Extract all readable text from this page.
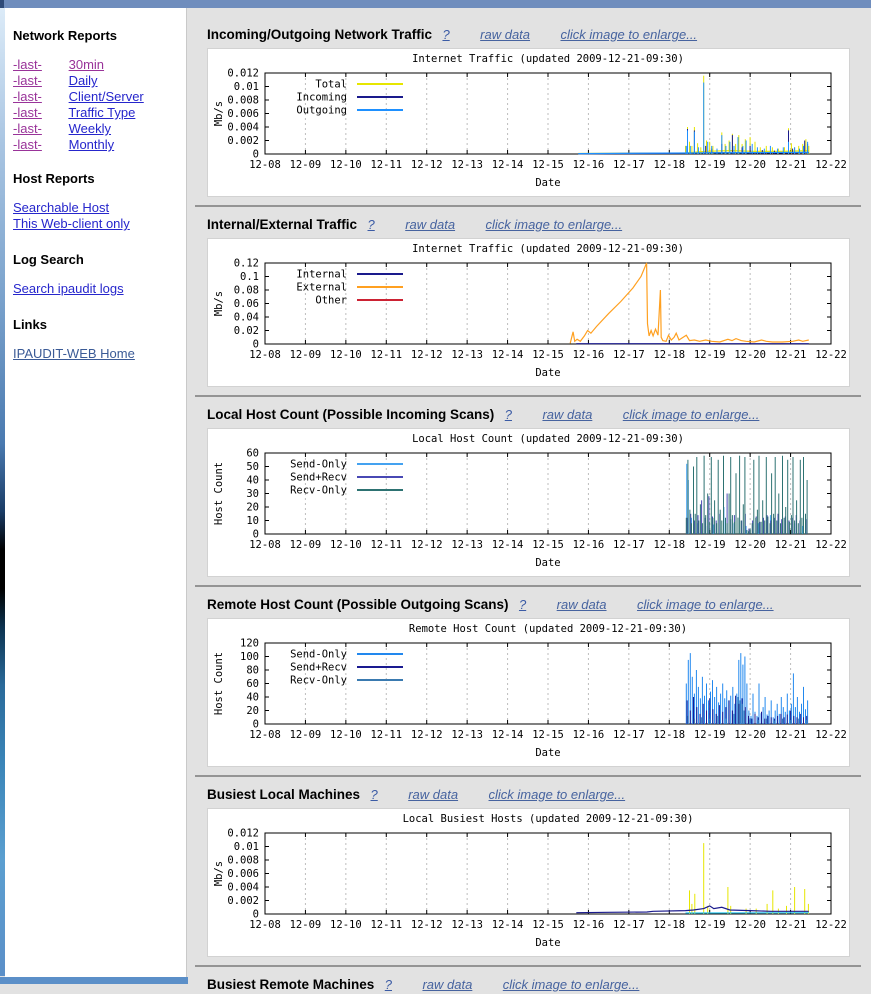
Network Reports
-last- 30min
-last- Daily
-last- Client/Server
-last- Traffic Type
-last- Weekly
-last- Monthly
Host Reports
Searchable Host
This Web-client only
Log Search
Search ipaudit logs
Links
IPAUDIT-WEB Home
Incoming/Outgoing Network Traffic ? raw data click image to enlarge...
Internet Traffic (updated 2009-12-21-09:30)
12-08 12-09 12-10 12-11 12-12 12-13 12-14 12-15 12-16 12-17 12-18 12-19 12-20 12-21 12-22
0
0.002
0.004
0.006
0.008
0.01
0.012
Date
Mb/s
Total
Incoming
Outgoing
Internal/External Traffic ? raw data click image to enlarge...
Internet Traffic (updated 2009-12-21-09:30)
12-08 12-09 12-10 12-11 12-12 12-13 12-14 12-15 12-16 12-17 12-18 12-19 12-20 12-21 12-22
0
0.02
0.04
0.06
0.08
0.1
0.12
Date
Mb/s
Internal
External
Other
Local Host Count (Possible Incoming Scans) ? raw data click image to enlarge...
Local Host Count (updated 2009-12-21-09:30)
12-08 12-09 12-10 12-11 12-12 12-13 12-14 12-15 12-16 12-17 12-18 12-19 12-20 12-21 12-22
0
10
20
30
40
50
60
Date
Host Count	Send-Only
Send+Recv
Recv-Only
Remote Host Count (Possible Outgoing Scans) ? raw data click image to enlarge...
Remote Host Count (updated 2009-12-21-09:30)
12-08 12-09 12-10 12-11 12-12 12-13 12-14 12-15 12-16 12-17 12-18 12-19 12-20 12-21 12-22
0
20
40
60
80
100
120
Date
Host Count	Send-Only
Send+Recv
Recv-Only
Busiest Local Machines ? raw data click image to enlarge...
Local Busiest Hosts (updated 2009-12-21-09:30)
12-08 12-09 12-10 12-11 12-12 12-13 12-14 12-15 12-16 12-17 12-18 12-19 12-20 12-21 12-22
0
0.002
0.004
0.006
0.008
0.01
0.012
Date
Mb/s
Busiest Remote Machines ? raw data click image to enlarge...
